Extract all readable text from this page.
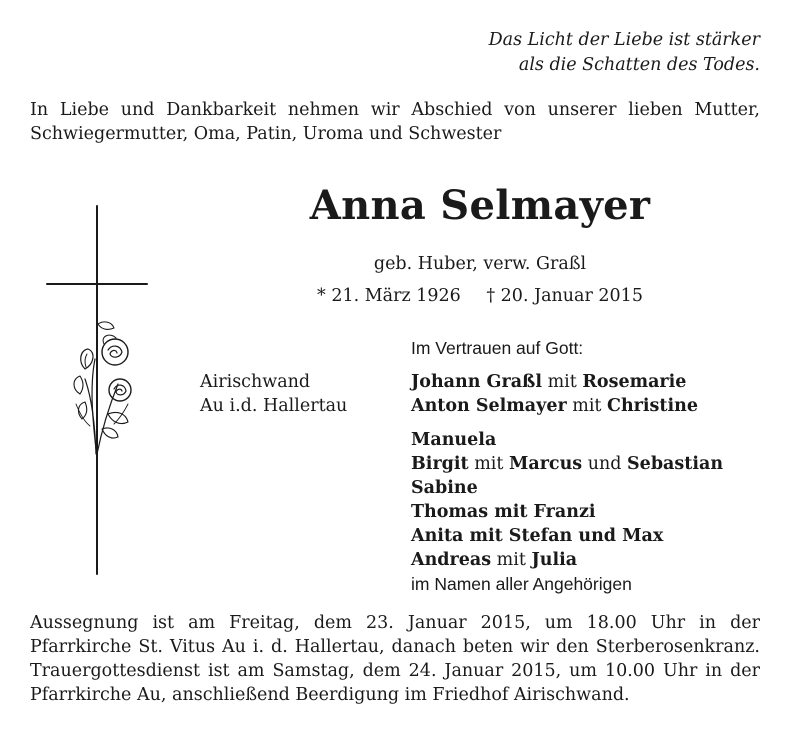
Das Licht der Liebe ist stärker
als die Schatten des Todes.
In Liebe und Dankbarkeit nehmen wir Abschied von unserer lieben Mutter, Schwiegermutter, Oma, Patin, Uroma und Schwester
Anna Selmayer
geb. Huber, verw. Graßl
* 21. März 1926 † 20. Januar 2015
Im Vertrauen auf Gott:
Airischwand
Au i.d. Hallertau
Johann Graßl mit Rosemarie
Anton Selmayer mit Christine
Manuela
Birgit mit Marcus und Sebastian
Sabine
Thomas mit Franzi
Anita mit Stefan und Max
Andreas mit Julia
im Namen aller Angehörigen

Aussegnung ist am Freitag, dem 23. Januar 2015, um 18.00 Uhr in der

Pfarrkirche St. Vitus Au i. d. Hallertau, danach beten wir den Sterberosenkranz.

Trauergottesdienst ist am Samstag, dem 24. Januar 2015, um 10.00 Uhr in der

Pfarrkirche Au, anschließend Beerdigung im Friedhof Airischwand.
